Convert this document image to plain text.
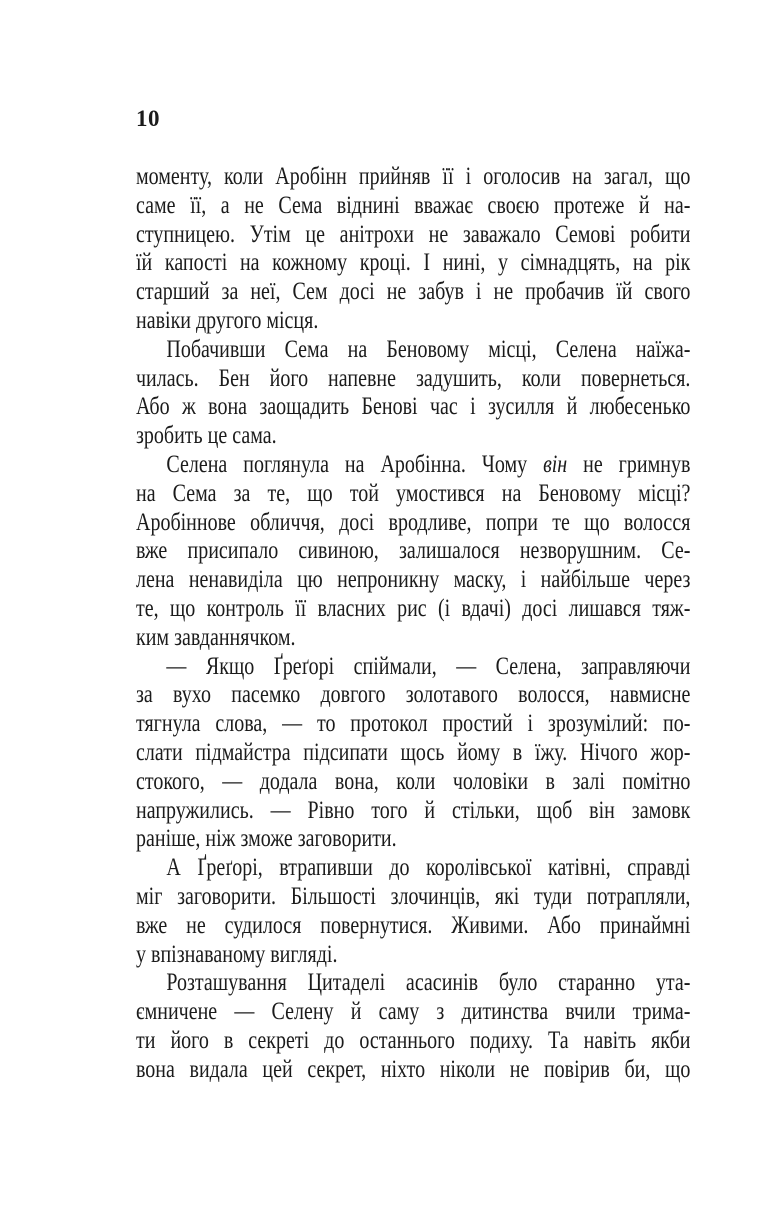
10
моменту, коли Аробінн прийняв її і оголосив на загал, що
саме її, а не Сема віднині вважає своєю протеже й на-
ступницею. Утім це анітрохи не заважало Семові робити
їй капості на кожному кроці. І нині, у сімнадцять, на рік
старший за неї, Сем досі не забув і не пробачив їй свого
навіки другого місця.
Побачивши Сема на Беновому місці, Селена наїжа-
чилась. Бен його напевне задушить, коли повернеться.
Або ж вона заощадить Бенові час і зусилля й любесенько
зробить це сама.
Селена поглянула на Аробінна. Чому він не гримнув
на Сема за те, що той умостився на Беновому місці?
Аробіннове обличчя, досі вродливе, попри те що волосся
вже присипало сивиною, залишалося незворушним. Се-
лена ненавиділа цю непроникну маску, і найбільше через
те, що контроль її власних рис (і вдачі) досі лишався тяж-
ким завданнячком.
— Якщо Ґреґорі спіймали, — Селена, заправляючи
за вухо пасемко довгого золотавого волосся, навмисне
тягнула слова, — то протокол простий і зрозумілий: по-
слати підмайстра підсипати щось йому в їжу. Нічого жор-
стокого, — додала вона, коли чоловіки в залі помітно
напружились. — Рівно того й стільки, щоб він замовк
раніше, ніж зможе заговорити.
А Ґреґорі, втрапивши до королівської катівні, справді
міг заговорити. Більшості злочинців, які туди потрапляли,
вже не судилося повернутися. Живими. Або принаймні
у впізнаваному вигляді.
Розташування Цитаделі асасинів було старанно ута-
ємничене — Селену й саму з дитинства вчили трима-
ти його в секреті до останнього подиху. Та навіть якби
вона видала цей секрет, ніхто ніколи не повірив би, що
